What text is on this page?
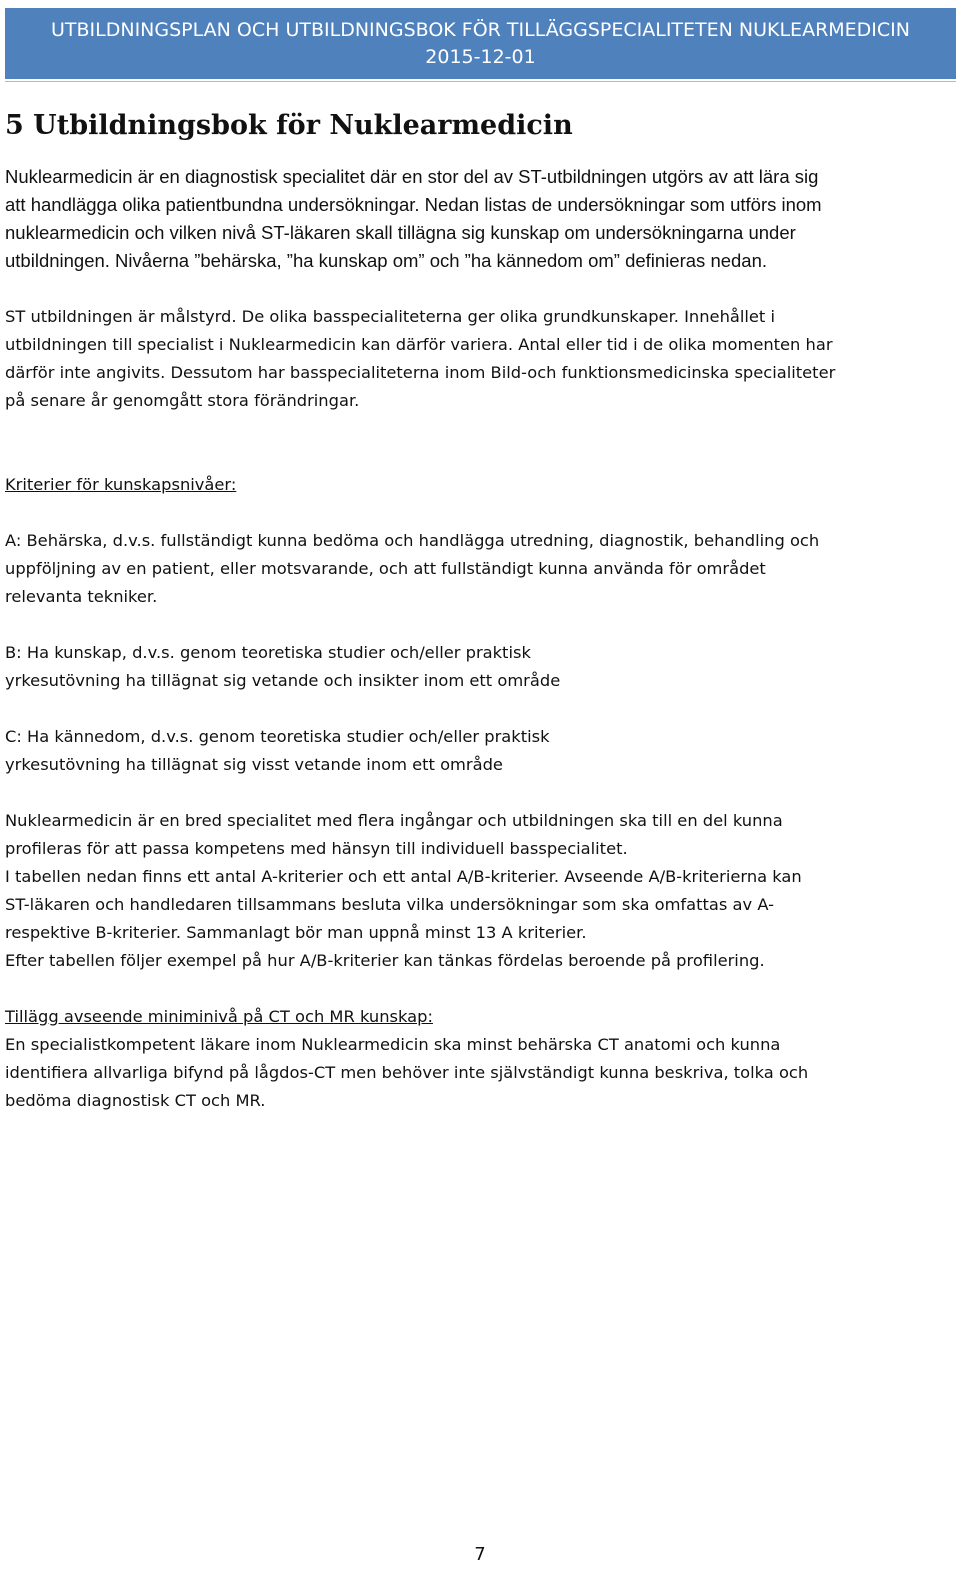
UTBILDNINGSPLAN OCH UTBILDNINGSBOK FÖR TILLÄGGSPECIALITETEN NUKLEARMEDICIN
2015-12-01
5 Utbildningsbok för Nuklearmedicin
Nuklearmedicin är en diagnostisk specialitet där en stor del av ST-utbildningen utgörs av att lära sig
att handlägga olika patientbundna undersökningar. Nedan listas de undersökningar som utförs inom
nuklearmedicin och vilken nivå ST-läkaren skall tillägna sig kunskap om undersökningarna under
utbildningen. Nivåerna ”behärska, ”ha kunskap om” och ”ha kännedom om” definieras nedan.
ST utbildningen är målstyrd. De olika basspecialiteterna ger olika grundkunskaper. Innehållet i
utbildningen till specialist i Nuklearmedicin kan därför variera. Antal eller tid i de olika momenten har
därför inte angivits. Dessutom har basspecialiteterna inom Bild-och funktionsmedicinska specialiteter
på senare år genomgått stora förändringar.
Kriterier för kunskapsnivåer:
A: Behärska, d.v.s. fullständigt kunna bedöma och handlägga utredning, diagnostik, behandling och
uppföljning av en patient, eller motsvarande, och att fullständigt kunna använda för området
relevanta tekniker.
B: Ha kunskap, d.v.s. genom teoretiska studier och/eller praktisk
yrkesutövning ha tillägnat sig vetande och insikter inom ett område
C: Ha kännedom, d.v.s. genom teoretiska studier och/eller praktisk
yrkesutövning ha tillägnat sig visst vetande inom ett område
Nuklearmedicin är en bred specialitet med flera ingångar och utbildningen ska till en del kunna
profileras för att passa kompetens med hänsyn till individuell basspecialitet.
I tabellen nedan finns ett antal A-kriterier och ett antal A/B-kriterier. Avseende A/B-kriterierna kan
ST-läkaren och handledaren tillsammans besluta vilka undersökningar som ska omfattas av A-
respektive B-kriterier. Sammanlagt bör man uppnå minst 13 A kriterier.
Efter tabellen följer exempel på hur A/B-kriterier kan tänkas fördelas beroende på profilering.
Tillägg avseende miniminivå på CT och MR kunskap:
En specialistkompetent läkare inom Nuklearmedicin ska minst behärska CT anatomi och kunna
identifiera allvarliga bifynd på lågdos-CT men behöver inte självständigt kunna beskriva, tolka och
bedöma diagnostisk CT och MR.
7
